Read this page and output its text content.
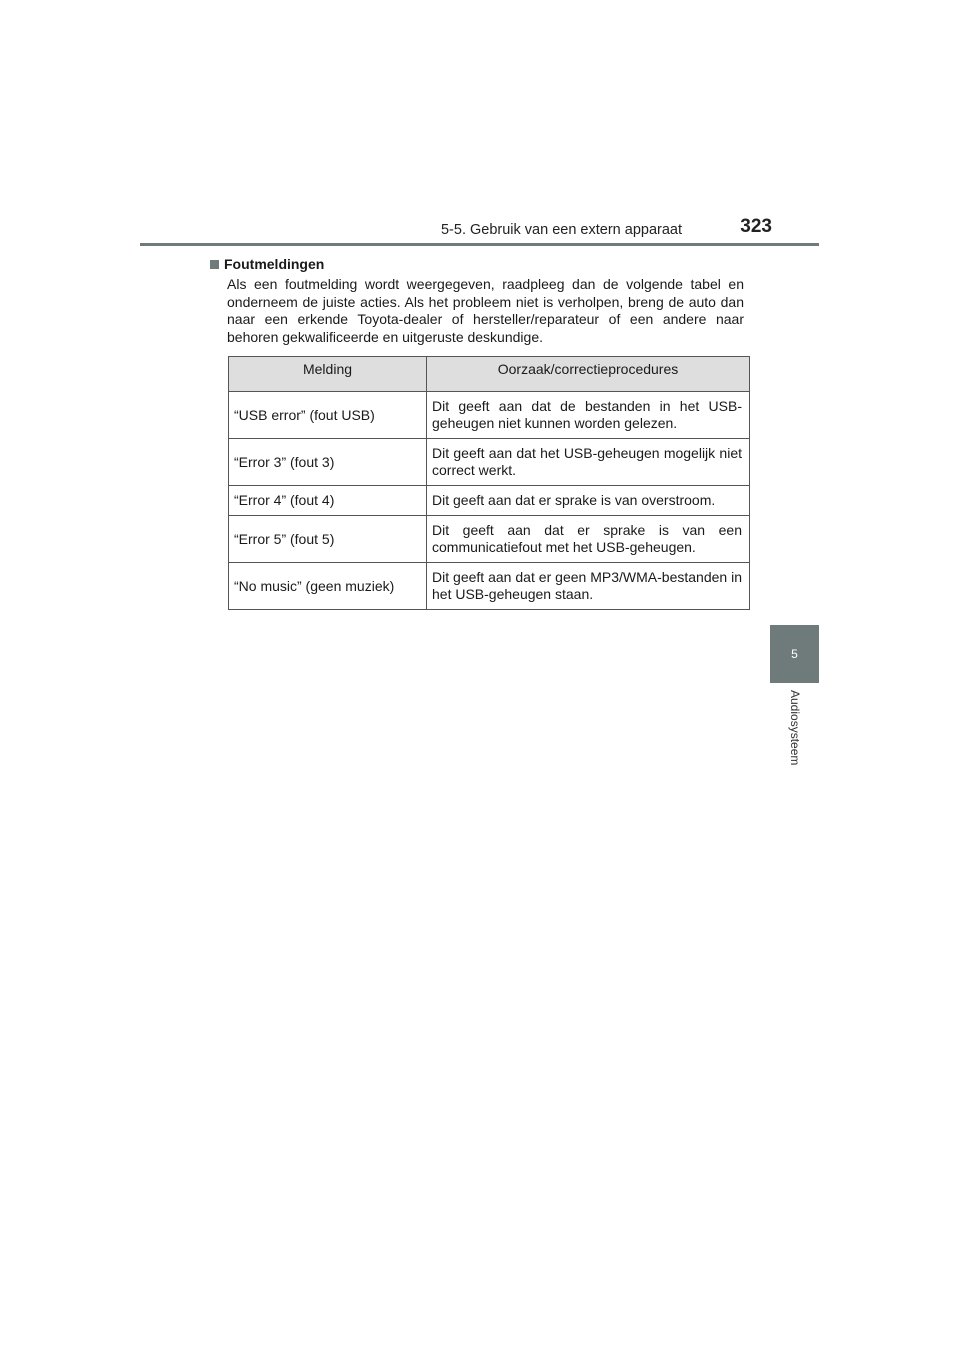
5-5. Gebruik van een extern apparaat	323
5
Audiosysteem
Foutmeldingen
Als een foutmelding wordt weergegeven, raadpleeg dan de volgende tabel en onderneem de juiste acties. Als het probleem niet is verholpen, breng de auto dan naar een erkende Toyota-dealer of hersteller/reparateur of een andere naar behoren gekwalificeerde en uitgeruste deskundige.
Melding	Oorzaak/correctieprocedures
“USB error” (fout USB)	Dit geeft aan dat de bestanden in het USB-geheugen niet kunnen worden gelezen.
“Error 3” (fout 3)	Dit geeft aan dat het USB-geheugen mogelijk niet correct werkt.
“Error 4” (fout 4)	Dit geeft aan dat er sprake is van overstroom.
“Error 5” (fout 5)	Dit geeft aan dat er sprake is van een communicatiefout met het USB-geheugen.
“No music” (geen muziek)	Dit geeft aan dat er geen MP3/WMA-bestanden in het USB-geheugen staan.
